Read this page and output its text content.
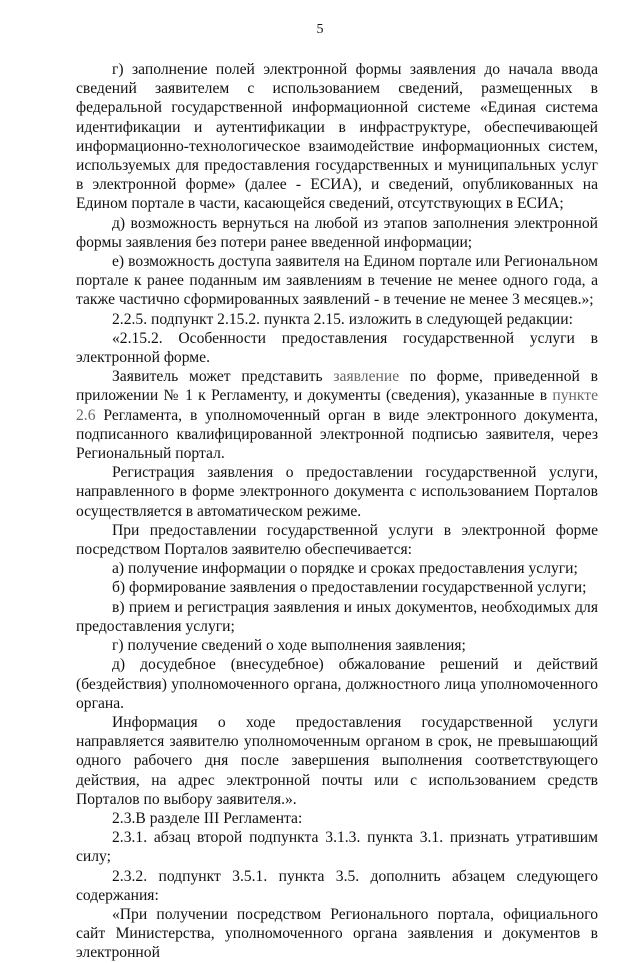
5

г) заполнение полей электронной формы заявления до начала ввода сведений заявителем с использованием сведений, размещенных в федеральной государственной информационной системе «Единая система идентификации и аутентификации в инфраструктуре, обеспечивающей информационно-технологическое взаимодействие информационных систем, используемых для предоставления государственных и муниципальных услуг в электронной форме» (далее - ЕСИА), и сведений, опубликованных на Едином портале в части, касающейся сведений, отсутствующих в ЕСИА;

д) возможность вернуться на любой из этапов заполнения электронной формы заявления без потери ранее введенной информации;

е) возможность доступа заявителя на Едином портале или Региональном портале к ранее поданным им заявлениям в течение не менее одного года, а также частично сформированных заявлений - в течение не менее 3 месяцев.»;

2.2.5. подпункт 2.15.2. пункта 2.15. изложить в следующей редакции:

«2.15.2. Особенности предоставления государственной услуги в электронной форме.

Заявитель может представить заявление по форме, приведенной в приложении № 1 к Регламенту, и документы (сведения), указанные в пункте 2.6 Регламента, в уполномоченный орган в виде электронного документа, подписанного квалифицированной электронной подписью заявителя, через Региональный портал.

Регистрация заявления о предоставлении государственной услуги, направленного в форме электронного документа с использованием Порталов осуществляется в автоматическом режиме.

При предоставлении государственной услуги в электронной форме посредством Порталов заявителю обеспечивается:

а) получение информации о порядке и сроках предоставления услуги;

б) формирование заявления о предоставлении государственной услуги;

в) прием и регистрация заявления и иных документов, необходимых для предоставления услуги;

г) получение сведений о ходе выполнения заявления;

д) досудебное (внесудебное) обжалование решений и действий (бездействия) уполномоченного органа, должностного лица уполномоченного органа.

Информация о ходе предоставления государственной услуги направляется заявителю уполномоченным органом в срок, не превышающий одного рабочего дня после завершения выполнения соответствующего действия, на адрес электронной почты или с использованием средств Порталов по выбору заявителя.».

2.3.В разделе III Регламента:

2.3.1. абзац второй подпункта 3.1.3. пункта 3.1. признать утратившим силу;

2.3.2. подпункт 3.5.1. пункта 3.5. дополнить абзацем следующего содержания:

«При получении посредством Регионального портала, официального сайт Министерства, уполномоченного органа заявления и документов в электронной
